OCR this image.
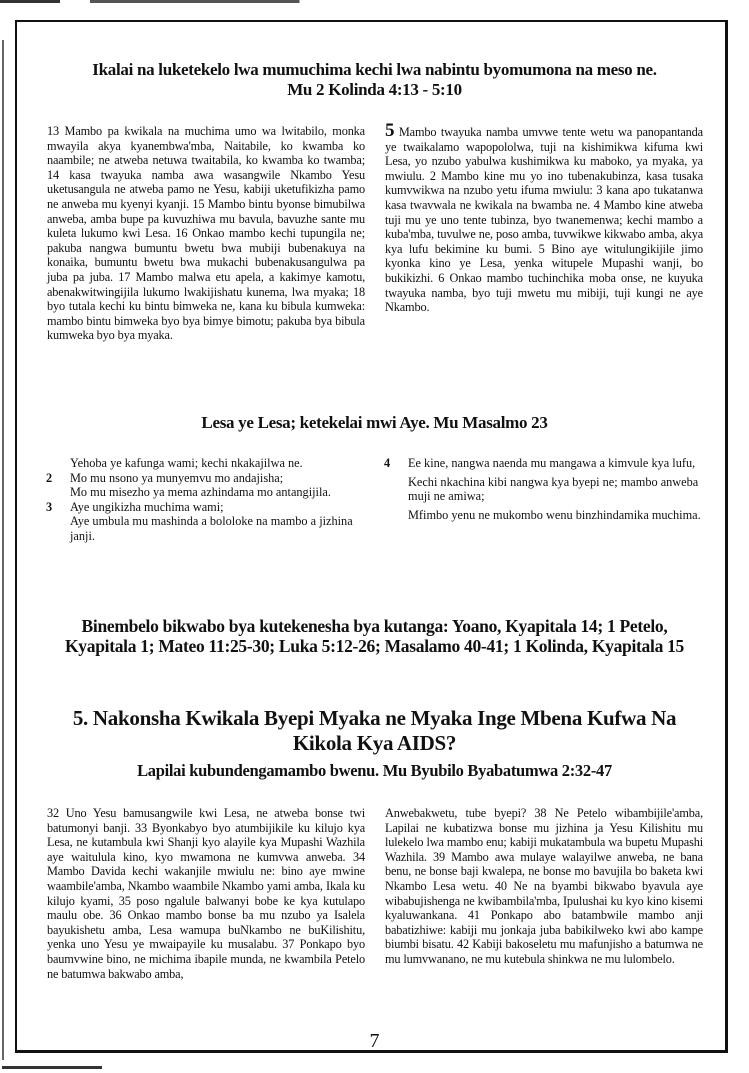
Ikalai na luketekelo lwa mumuchima kechi lwa nabintu byomumona na meso ne.
Mu 2 Kolinda 4:13 - 5:10

13 Mambo pa kwikala na muchima umo wa lwitabilo, monka mwayila akya kyanembwa'mba, Naitabile, ko kwamba ko naambile; ne atweba netuwa twaitabila, ko kwamba ko twamba; 14 kasa twayuka namba awa wasangwile Nkambo Yesu uketusangula ne atweba pamo ne Yesu, kabiji uketufikizha pamo ne anweba mu kyenyi kyanji. 15 Mambo bintu byonse bimubilwa anweba, amba bupe pa kuvuzhiwa mu bavula, bavuzhe sante mu kuleta lukumo kwi Lesa. 16 Onkao mambo kechi tupungila ne; pakuba nangwa bumuntu bwetu bwa mubiji bubenakuya na konaika, bumuntu bwetu bwa mukachi bubenakusangulwa pa juba pa juba. 17 Mambo malwa etu apela, a kakimye kamotu, abenakwitwingijila lukumo lwakijishatu kunema, lwa myaka; 18 byo tutala kechi ku bintu bimweka ne, kana ku bibula kumweka: mambo bintu bimweka byo bya bimye bimotu; pakuba bya bibula kumweka byo bya myaka.

5 Mambo twayuka namba umvwe tente wetu wa panopantanda ye twaikalamo wapopololwa, tuji na kishimikwa kifuma kwi Lesa, yo nzubo yabulwa kushimikwa ku maboko, ya myaka, ya mwiulu. 2 Mambo kine mu yo ino tubenakubinza, kasa tusaka kumvwikwa na nzubo yetu ifuma mwiulu: 3 kana apo tukatanwa kasa twavwala ne kwikala na bwamba ne. 4 Mambo kine atweba tuji mu ye uno tente tubinza, byo twanemenwa; kechi mambo a kuba'mba, tuvulwe ne, poso amba, tuvwikwe kikwabo amba, akya kya lufu bekimine ku bumi. 5 Bino aye witulungikijile jimo kyonka kino ye Lesa, yenka witupele Mupashi wanji, bo bukikizhi. 6 Onkao mambo tuchinchika moba onse, ne kuyuka twayuka namba, byo tuji mwetu mu mibiji, tuji kungi ne aye Nkambo.

Lesa ye Lesa; ketekelai mwi Aye. Mu Masalmo 23
Yehoba ye kafunga wami; kechi nkakajilwa ne.
2	Mo mu nsono ya munyemvu mo andajisha;
Mo mu misezho ya mema azhindama mo antangijila.
3	Aye ungikizha muchima wami;
Aye umbula mu mashinda a bololoke na mambo a jizhina janji.
4	Ee kine, nangwa naenda mu mangawa a kimvule kya lufu,
Kechi nkachina kibi nangwa kya byepi ne; mambo anweba muji ne amiwa;
Mfimbo yenu ne mukombo wenu binzhindamika muchima.
Binembelo bikwabo bya kutekenesha bya kutanga: Yoano, Kyapitala 14; 1 Petelo,
Kyapitala 1; Mateo 11:25-30; Luka 5:12-26; Masalamo 40-41; 1 Kolinda, Kyapitala 15
5. Nakonsha Kwikala Byepi Myaka ne Myaka Inge Mbena Kufwa Na
Kikola Kya AIDS?
Lapilai kubundengamambo bwenu. Mu Byubilo Byabatumwa 2:32-47

32 Uno Yesu bamusangwile kwi Lesa, ne atweba bonse twi batumonyi banji. 33 Byonkabyo byo atumbijikile ku kilujo kya Lesa, ne kutambula kwi Shanji kyo alayile kya Mupashi Wazhila aye waitulula kino, kyo mwamona ne kumvwa anweba. 34 Mambo Davida kechi wakanjile mwiulu ne: bino aye mwine waambile'amba, Nkambo waambile Nkambo yami amba, Ikala ku kilujo kyami, 35 poso ngalule balwanyi bobe ke kya kutulapo maulu obe. 36 Onkao mambo bonse ba mu nzubo ya Isalela bayukishetu amba, Lesa wamupa buNkambo ne buKilishitu, yenka uno Yesu ye mwaipayile ku musalabu. 37 Ponkapo byo baumvwine bino, ne michima ibapile munda, ne kwambila Petelo ne batumwa bakwabo amba,

Anwebakwetu, tube byepi? 38 Ne Petelo wibambijile'amba, Lapilai ne kubatizwa bonse mu jizhina ja Yesu Kilishitu mu lulekelo lwa mambo enu; kabiji mukatambula wa bupetu Mupashi Wazhila. 39 Mambo awa mulaye walayilwe anweba, ne bana benu, ne bonse baji kwalepa, ne bonse mo bavujila bo baketa kwi Nkambo Lesa wetu. 40 Ne na byambi bikwabo byavula aye wibabujishenga ne kwibambila'mba, Ipulushai ku kyo kino kisemi kyaluwankana. 41 Ponkapo abo batambwile mambo anji babatizhiwe: kabiji mu jonkaja juba babikilweko kwi abo kampe biumbi bisatu. 42 Kabiji bakoseletu mu mafunjisho a batumwa ne mu lumvwanano, ne mu kutebula shinkwa ne mu lulombelo.

7
